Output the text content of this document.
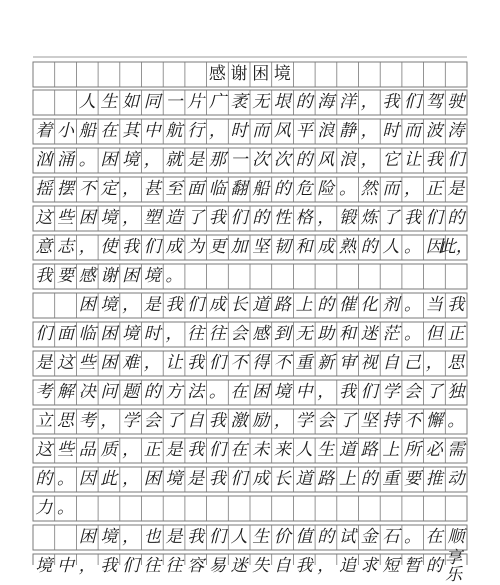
感 谢 困 境
人 生 如 同 一 片 广 袤 无 垠 的 海 洋 ， 我 们 驾 驶
着 小 船 在 其 中 航 行 ， 时 而 风 平 浪 静 ， 时 而 波 涛
汹 涌 。 困 境 ， 就 是 那 一 次 次 的 风 浪 ， 它 让 我 们
摇 摆 不 定 ， 甚 至 面 临 翻 船 的 危 险 。 然 而 ， 正 是
这 些 困 境 ， 塑 造 了 我 们 的 性 格 ， 锻 炼 了 我 们 的
意 志 ， 使 我 们 成 为 更 加 坚 韧 和 成 熟 的 人 。 因
此，
我 要 感 谢 困 境 。
困 境 ， 是 我 们 成 长 道 路 上 的 催 化 剂 。 当 我
们 面 临 困 境 时 ， 往 往 会 感 到 无 助 和 迷 茫 。 但 正
是 这 些 困 难 ， 让 我 们 不 得 不 重 新 审 视 自 己 ， 思
考 解 决 问 题 的 方 法 。 在 困 境 中 ， 我 们 学 会 了 独
立 思 考 ， 学 会 了 自 我 激 励 ， 学 会 了 坚 持 不 懈 。
这 些 品 质 ， 正 是 我 们 在 未 来 人 生 道 路 上 所 必 需
的 。 因 此 ， 困 境 是 我 们 成 长 道 路 上 的 重 要 推 动
力 。
困 境 ， 也 是 我 们 人 生 价 值 的 试 金 石 。 在 顺
境 中 ， 我 们 往 往 容 易 迷 失 自 我 ， 追 求 短 暂 的 享乐
